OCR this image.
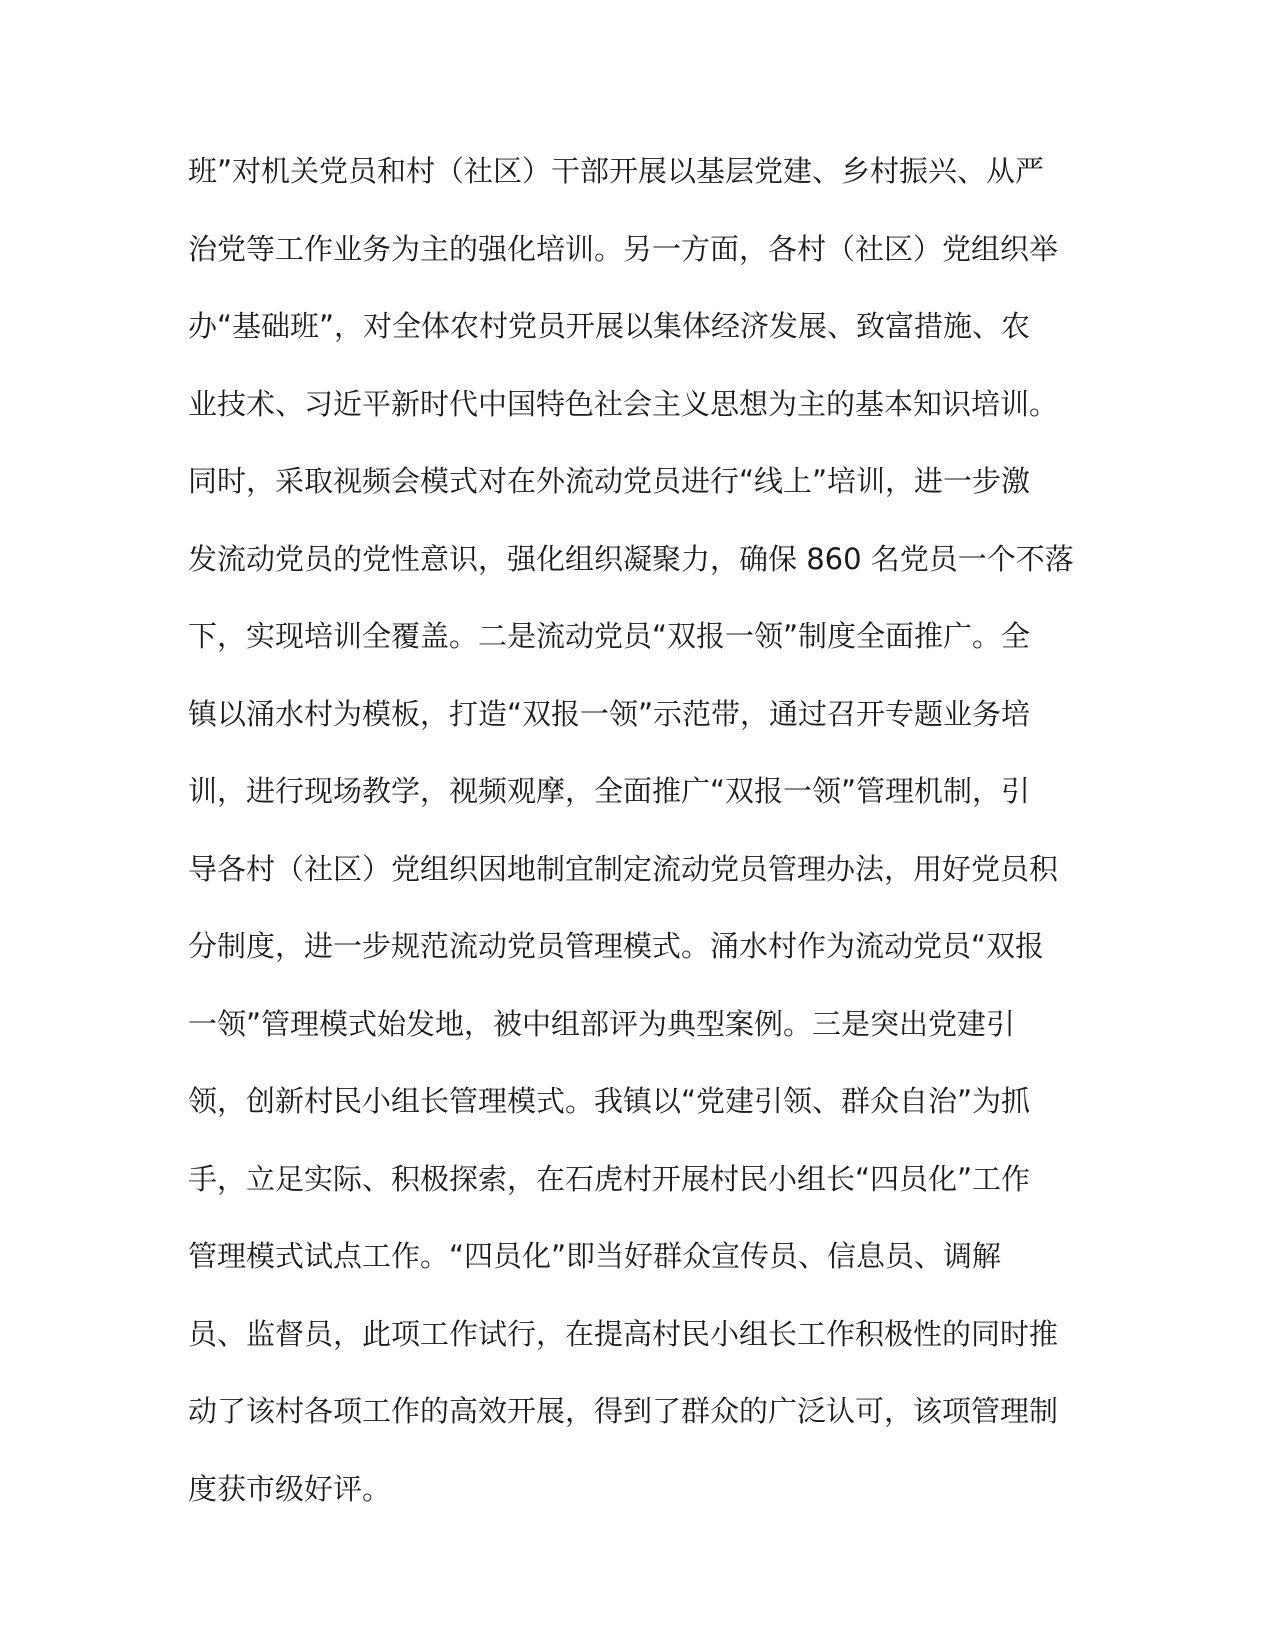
班”对机关党员和村（社区）干部开展以基层党建、乡村振兴、从严
治党等工作业务为主的强化培训。另一方面，各村（社区）党组织举
办“基础班”，对全体农村党员开展以集体经济发展、致富措施、农
业技术、习近平新时代中国特色社会主义思想为主的基本知识培训。
同时，采取视频会模式对在外流动党员进行“线上”培训，进一步激
发流动党员的党性意识，强化组织凝聚力，确保 860 名党员一个不落
下，实现培训全覆盖。二是流动党员“双报一领”制度全面推广。全
镇以涌水村为模板，打造“双报一领”示范带，通过召开专题业务培
训，进行现场教学，视频观摩，全面推广“双报一领”管理机制，引
导各村（社区）党组织因地制宜制定流动党员管理办法，用好党员积
分制度，进一步规范流动党员管理模式。涌水村作为流动党员“双报
一领”管理模式始发地，被中组部评为典型案例。三是突出党建引
领，创新村民小组长管理模式。我镇以“党建引领、群众自治”为抓
手，立足实际、积极探索，在石虎村开展村民小组长“四员化”工作
管理模式试点工作。“四员化”即当好群众宣传员、信息员、调解
员、监督员，此项工作试行，在提高村民小组长工作积极性的同时推
动了该村各项工作的高效开展，得到了群众的广泛认可，该项管理制
度获市级好评。
